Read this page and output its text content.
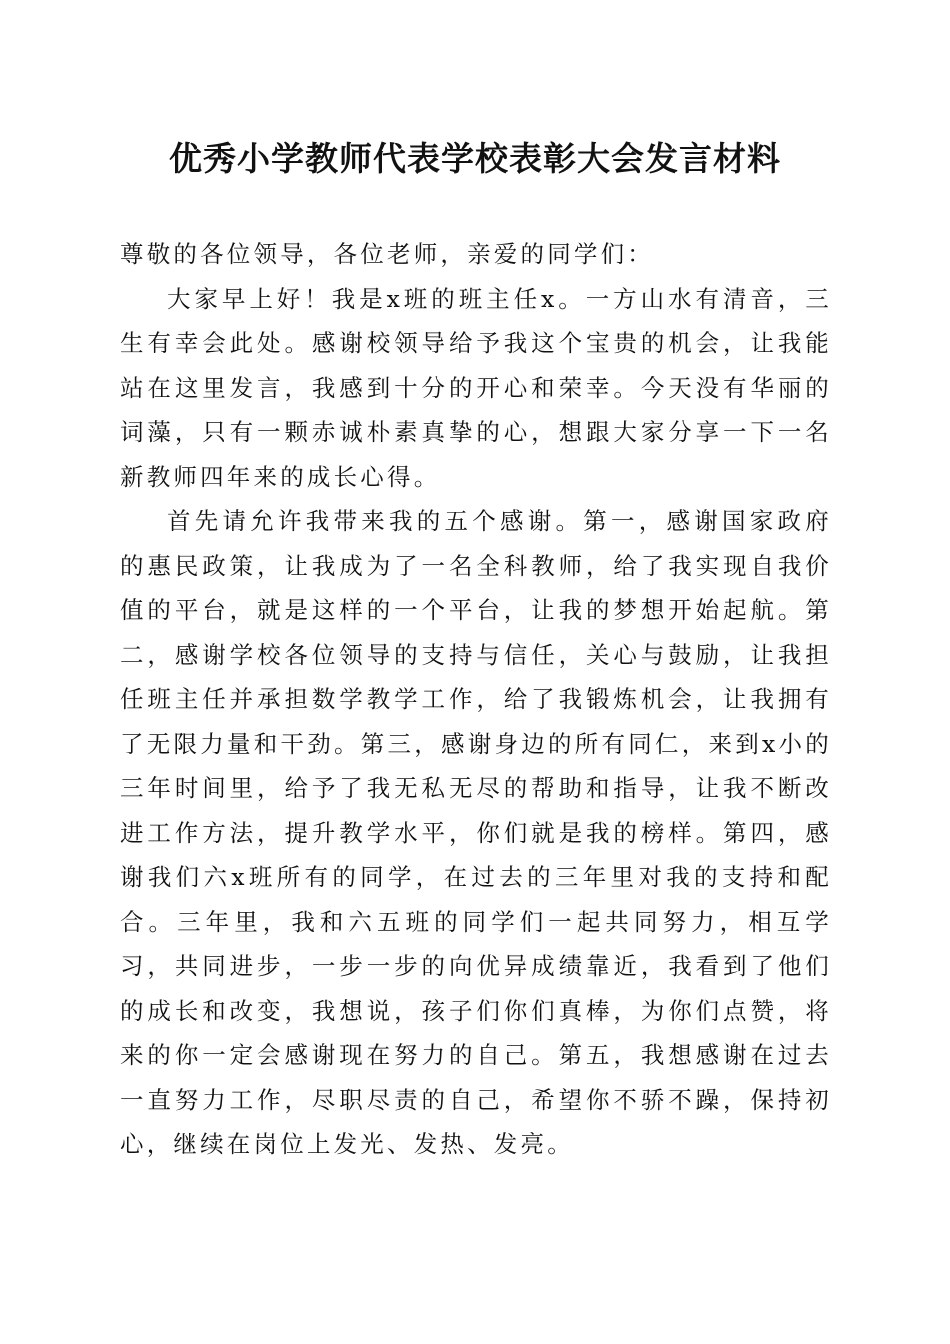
优秀小学教师代表学校表彰大会发言材料

尊敬的各位领导，各位老师，亲爱的同学们：

大家早上好！我是x班的班主任x。一方山水有清音，三生有幸会此处。感谢校领导给予我这个宝贵的机会，让我能站在这里发言，我感到十分的开心和荣幸。今天没有华丽的词藻，只有一颗赤诚朴素真挚的心，想跟大家分享一下一名新教师四年来的成长心得。

首先请允许我带来我的五个感谢。第一，感谢国家政府的惠民政策，让我成为了一名全科教师，给了我实现自我价值的平台，就是这样的一个平台，让我的梦想开始起航。第二，感谢学校各位领导的支持与信任，关心与鼓励，让我担任班主任并承担数学教学工作，给了我锻炼机会，让我拥有了无限力量和干劲。第三，感谢身边的所有同仁，来到x小的三年时间里，给予了我无私无尽的帮助和指导，让我不断改进工作方法，提升教学水平，你们就是我的榜样。第四，感谢我们六x班所有的同学，在过去的三年里对我的支持和配合。三年里，我和六五班的同学们一起共同努力，相互学习，共同进步，一步一步的向优异成绩靠近，我看到了他们的成长和改变，我想说，孩子们你们真棒，为你们点赞，将来的你一定会感谢现在努力的自己。第五，我想感谢在过去一直努力工作，尽职尽责的自己，希望你不骄不躁，保持初心，继续在岗位上发光、发热、发亮。
